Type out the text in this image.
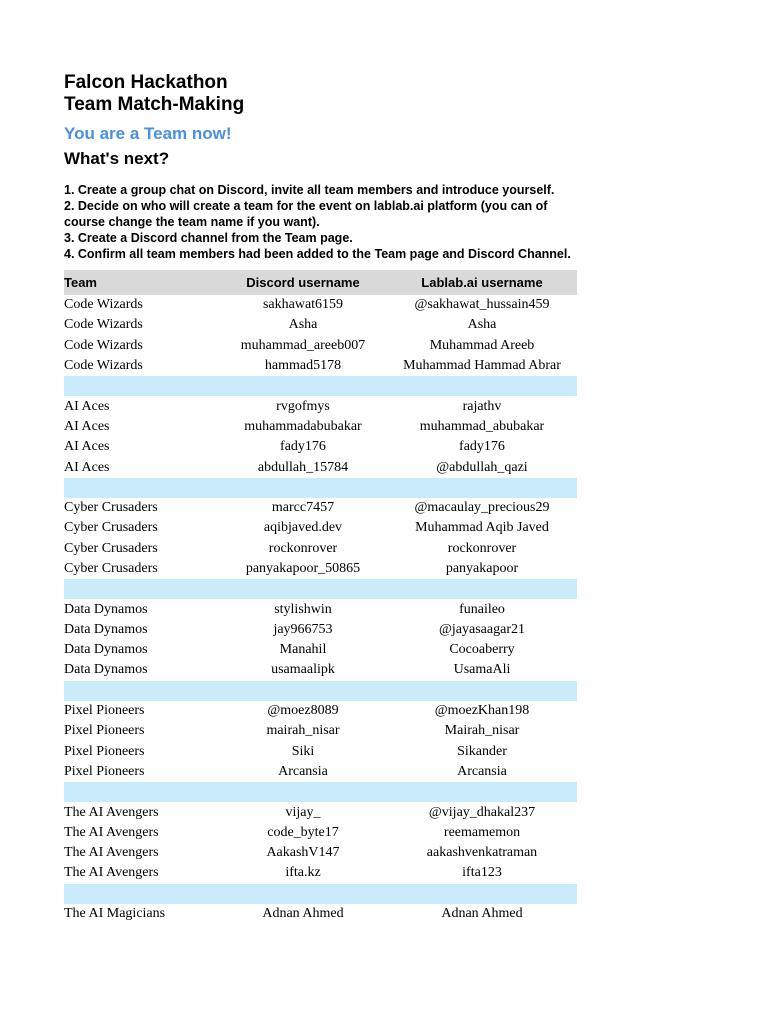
Falcon Hackathon
Team Match-Making

You are a Team now!

What's next?

1. Create a group chat on Discord, invite all team members and introduce yourself.
2. Decide on who will create a team for the event on lablab.ai platform (you can of course change the team name if you want).
3. Create a Discord channel from the Team page.
4. Confirm all team members had been added to the Team page and Discord Channel.
Team	Discord username	Lablab.ai username
Code Wizards	sakhawat6159	@sakhawat_hussain459
Code Wizards	Asha	Asha
Code Wizards	muhammad_areeb007	Muhammad Areeb
Code Wizards	hammad5178	Muhammad Hammad Abrar

AI Aces	rvgofmys	rajathv
AI Aces	muhammadabubakar	muhammad_abubakar
AI Aces	fady176	fady176
AI Aces	abdullah_15784	@abdullah_qazi

Cyber Crusaders	marcc7457	@macaulay_precious29
Cyber Crusaders	aqibjaved.dev	Muhammad Aqib Javed
Cyber Crusaders	rockonrover	rockonrover
Cyber Crusaders	panyakapoor_50865	panyakapoor

Data Dynamos	stylishwin	funaileo
Data Dynamos	jay966753	@jayasaagar21
Data Dynamos	Manahil	Cocoaberry
Data Dynamos	usamaalipk	UsamaAli

Pixel Pioneers	@moez8089	@moezKhan198
Pixel Pioneers	mairah_nisar	Mairah_nisar
Pixel Pioneers	Siki	Sikander
Pixel Pioneers	Arcansia	Arcansia

The AI Avengers	vijay_	@vijay_dhakal237
The AI Avengers	code_byte17	reemamemon
The AI Avengers	AakashV147	aakashvenkatraman
The AI Avengers	ifta.kz	ifta123

The AI Magicians	Adnan Ahmed	Adnan Ahmed
